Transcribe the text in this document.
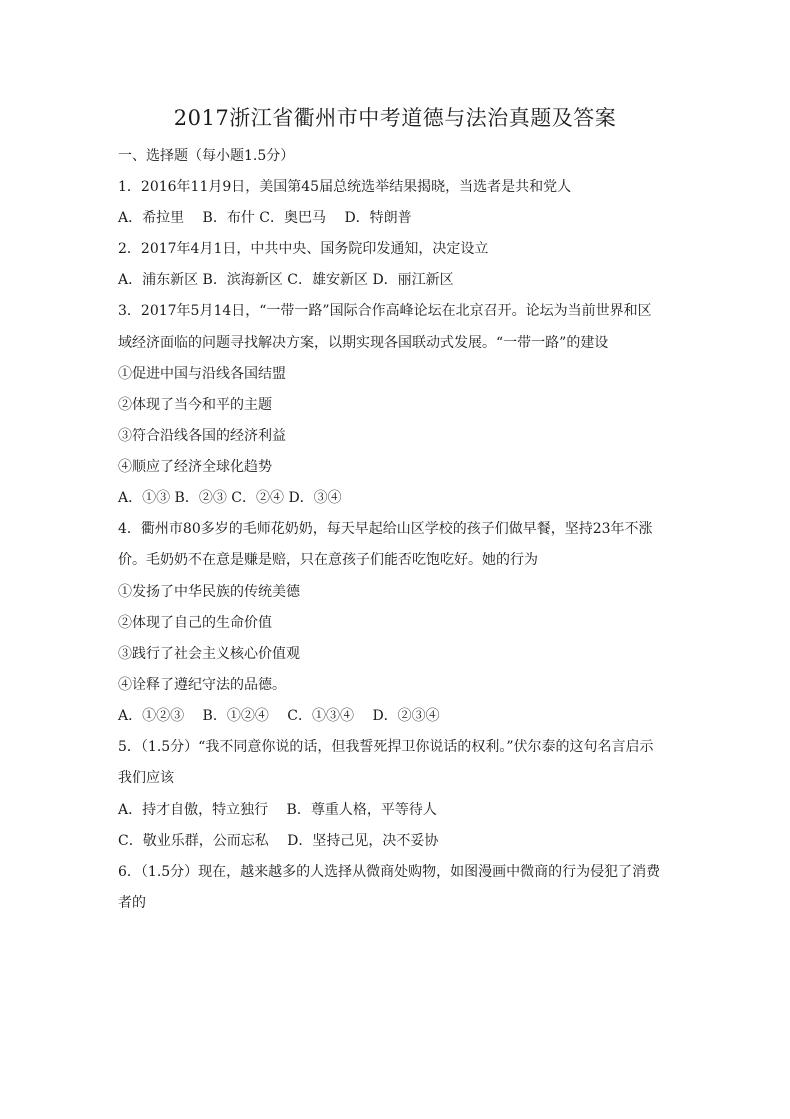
2017浙江省衢州市中考道德与法治真题及答案
一、选择题（每小题1.5分）
1．2016年11月9日，美国第45届总统选举结果揭晓，当选者是共和党人
A．希拉里　 B．布什 C．奥巴马　 D．特朗普
2．2017年4月1日，中共中央、国务院印发通知，决定设立
A．浦东新区 B．滨海新区 C．雄安新区 D．丽江新区
3．2017年5月14日，“一带一路”国际合作高峰论坛在北京召开。论坛为当前世界和区
域经济面临的问题寻找解决方案，以期实现各国联动式发展。“一带一路”的建设
①促进中国与沿线各国结盟
②体现了当今和平的主题
③符合沿线各国的经济利益
④顺应了经济全球化趋势
A．①③ B．②③ C．②④ D．③④
4．衢州市80多岁的毛师花奶奶，每天早起给山区学校的孩子们做早餐，坚持23年不涨
价。毛奶奶不在意是赚是赔，只在意孩子们能否吃饱吃好。她的行为
①发扬了中华民族的传统美德
②体现了自己的生命价值
③践行了社会主义核心价值观
④诠释了遵纪守法的品德。
A．①②③　 B．①②④　 C．①③④　 D．②③④
5．（1.5分）“我不同意你说的话，但我誓死捍卫你说话的权利。”伏尔泰的这句名言启示
我们应该
A．持才自傲，特立独行　 B．尊重人格，平等待人
C．敬业乐群，公而忘私　 D．坚持己见，决不妥协
6．（1.5分）现在，越来越多的人选择从微商处购物，如图漫画中微商的行为侵犯了消费
者的
